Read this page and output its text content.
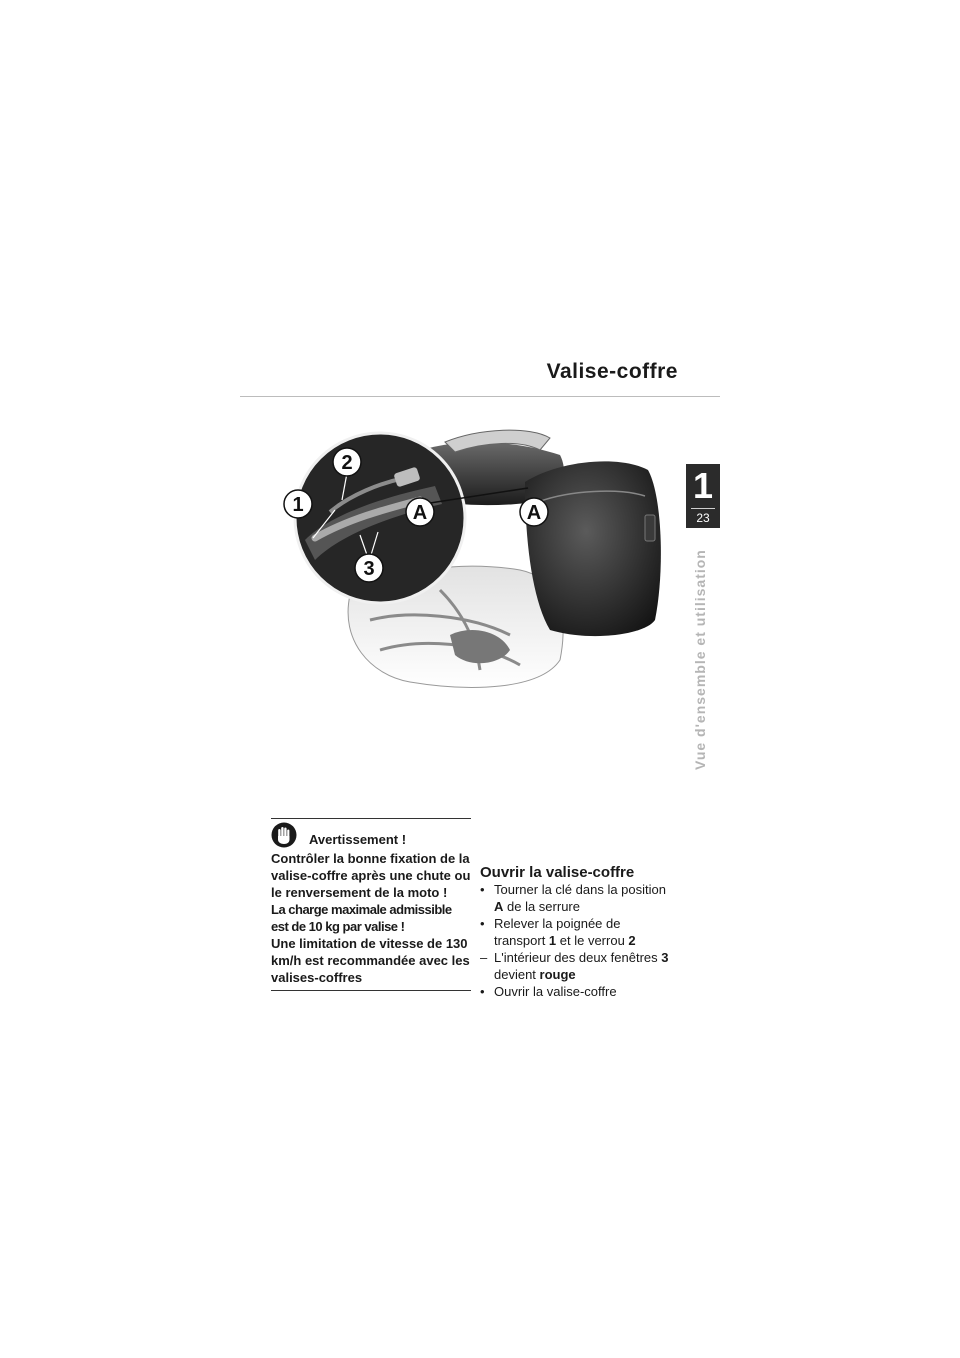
Valise-coffre
1
23
Vue d'ensemble et utilisation
2
1	A	A
3
Avertissement !

Contrôler la bonne fixation de la valise-coffre après une chute ou le renversement de la moto !

La charge maximale admissible est de 10 kg par valise !

Une limitation de vitesse de 130 km/h est recommandée avec les valises-coffres

Ouvrir la valise-coffre
• Tourner la clé dans la position A de la serrure
• Relever la poignée de transport 1 et le verrou 2
– L'intérieur des deux fenêtres 3 devient rouge
• Ouvrir la valise-coffre
